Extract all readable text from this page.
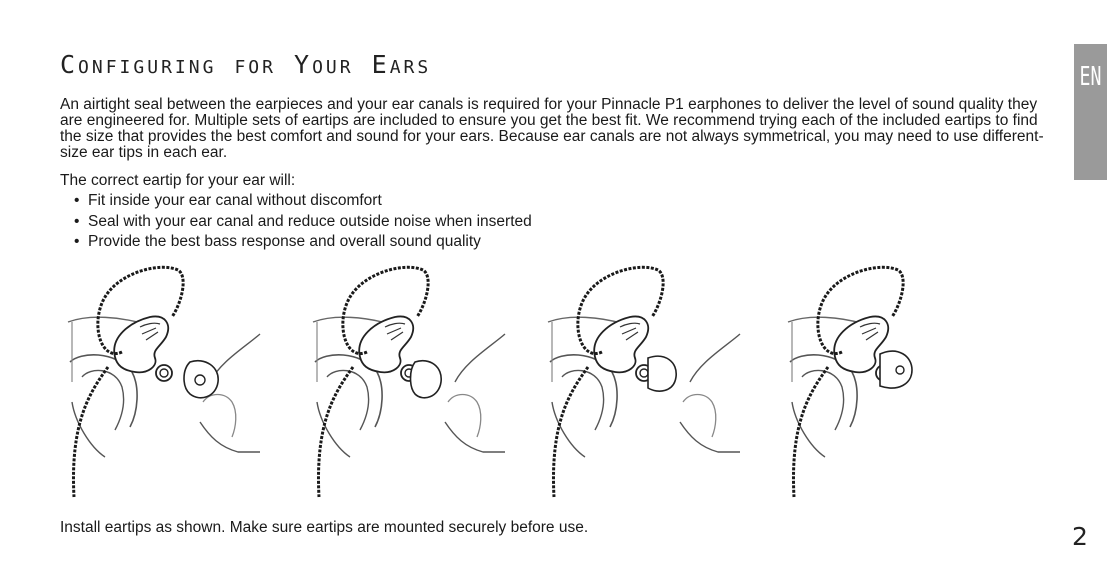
Configuring for Your Ears

An airtight seal between the earpieces and your ear canals is required for your Pinnacle P1 earphones to deliver the level of sound quality they are engineered for. Multiple sets of eartips are included to ensure you get the best fit. We recommend trying each of the included eartips to find the size that provides the best comfort and sound for your ears. Because ear canals are not always symmetrical, you may need to use different-size ear tips in each ear.

The correct eartip for your ear will:

• Fit inside your ear canal without discomfort
• Seal with your ear canal and reduce outside noise when inserted
• Provide the best bass response and overall sound quality

Install eartips as shown. Make sure eartips are mounted securely before use.

EN
2
